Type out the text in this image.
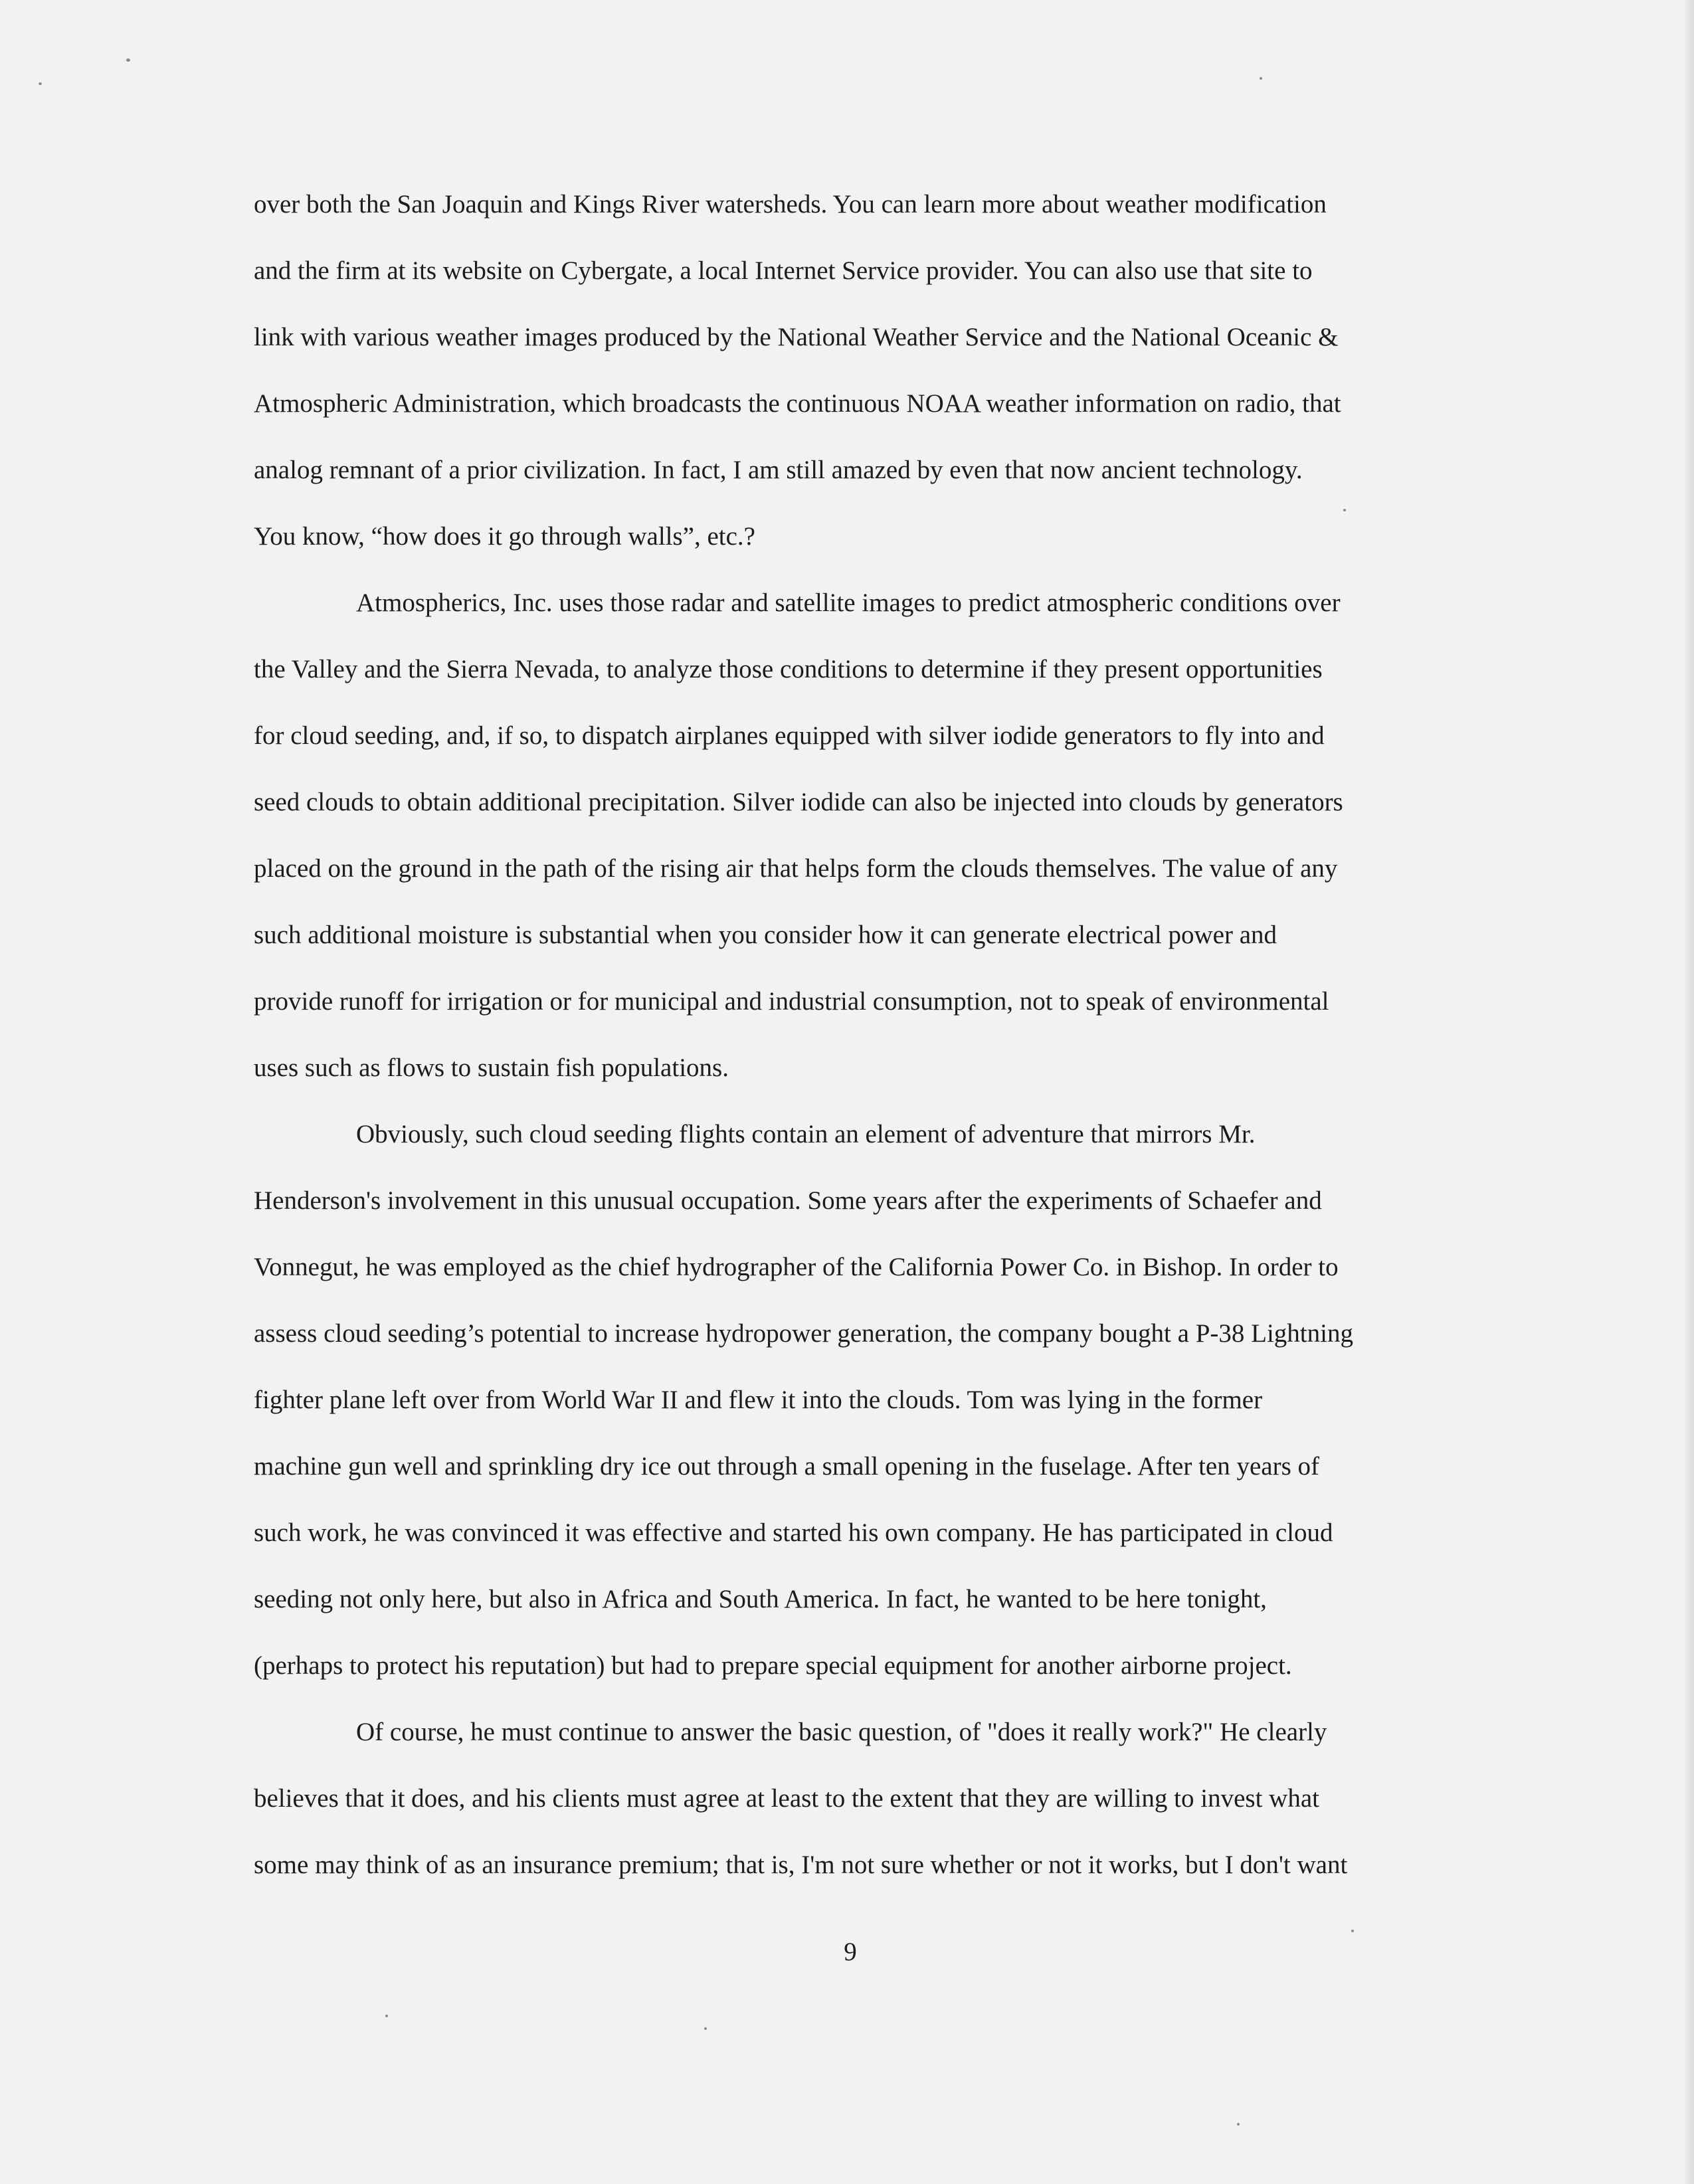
over both the San Joaquin and Kings River watersheds. You can learn more about weather modification
and the firm at its website on Cybergate, a local Internet Service provider. You can also use that site to
link with various weather images produced by the National Weather Service and the National Oceanic &
Atmospheric Administration, which broadcasts the continuous NOAA weather information on radio, that
analog remnant of a prior civilization. In fact, I am still amazed by even that now ancient technology.
You know, “how does it go through walls”, etc.?
Atmospherics, Inc. uses those radar and satellite images to predict atmospheric conditions over
the Valley and the Sierra Nevada, to analyze those conditions to determine if they present opportunities
for cloud seeding, and, if so, to dispatch airplanes equipped with silver iodide generators to fly into and
seed clouds to obtain additional precipitation. Silver iodide can also be injected into clouds by generators
placed on the ground in the path of the rising air that helps form the clouds themselves. The value of any
such additional moisture is substantial when you consider how it can generate electrical power and
provide runoff for irrigation or for municipal and industrial consumption, not to speak of environmental
uses such as flows to sustain fish populations.
Obviously, such cloud seeding flights contain an element of adventure that mirrors Mr.
Henderson's involvement in this unusual occupation. Some years after the experiments of Schaefer and
Vonnegut, he was employed as the chief hydrographer of the California Power Co. in Bishop. In order to
assess cloud seeding’s potential to increase hydropower generation, the company bought a P-38 Lightning
fighter plane left over from World War II and flew it into the clouds. Tom was lying in the former
machine gun well and sprinkling dry ice out through a small opening in the fuselage. After ten years of
such work, he was convinced it was effective and started his own company. He has participated in cloud
seeding not only here, but also in Africa and South America. In fact, he wanted to be here tonight,
(perhaps to protect his reputation) but had to prepare special equipment for another airborne project.
Of course, he must continue to answer the basic question, of "does it really work?" He clearly
believes that it does, and his clients must agree at least to the extent that they are willing to invest what
some may think of as an insurance premium; that is, I'm not sure whether or not it works, but I don't want
9
